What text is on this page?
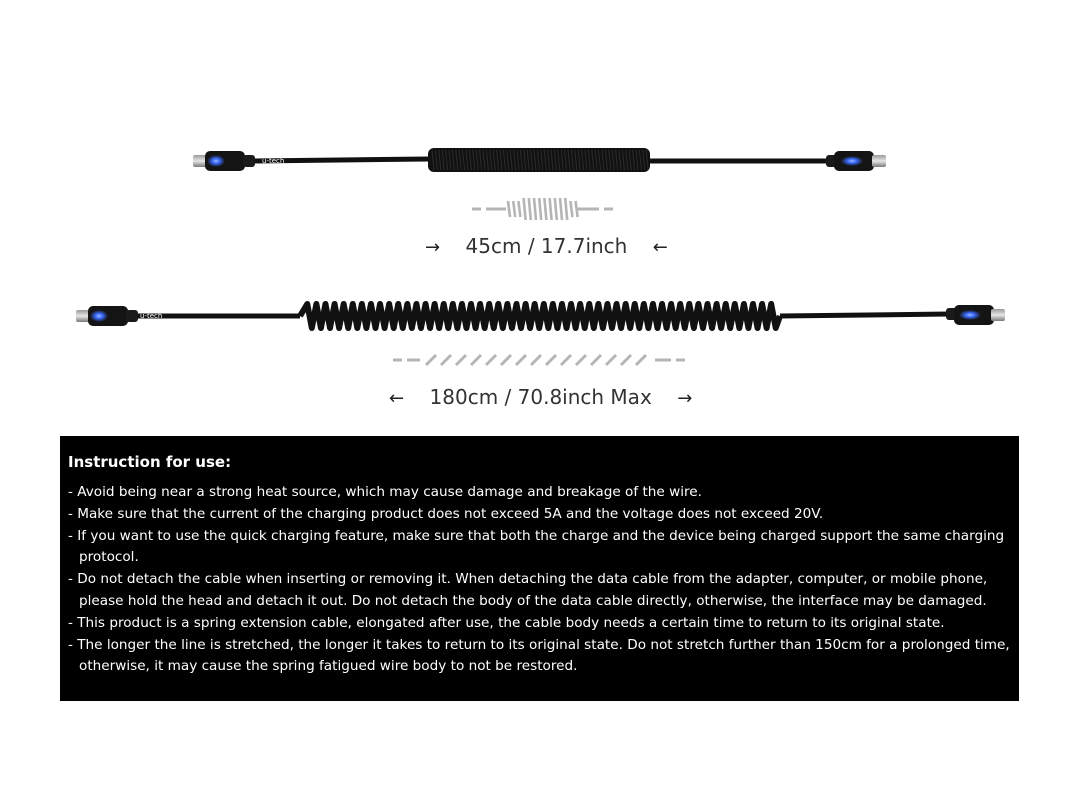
u-tech
u-tech
→ 45cm / 17.7inch ←
← 180cm / 70.8inch Max →
Instruction for use:
- Avoid being near a strong heat source, which may cause damage and breakage of the wire.
- Make sure that the current of the charging product does not exceed 5A and the voltage does not exceed 20V.
- If you want to use the quick charging feature, make sure that both the charge and the device being charged support the same charging protocol.
- Do not detach the cable when inserting or removing it. When detaching the data cable from the adapter, computer, or mobile phone, please hold the head and detach it out. Do not detach the body of the data cable directly, otherwise, the interface may be damaged.
- This product is a spring extension cable, elongated after use, the cable body needs a certain time to return to its original state.
- The longer the line is stretched, the longer it takes to return to its original state. Do not stretch further than 150cm for a prolonged time, otherwise, it may cause the spring fatigued wire body to not be restored.
